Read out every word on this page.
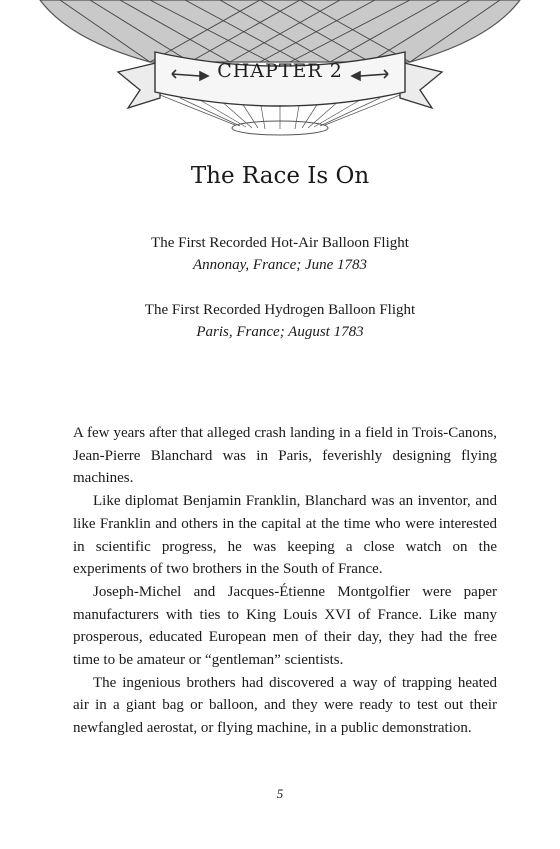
CHAPTER 2
The Race Is On
The First Recorded Hot-Air Balloon Flight
Annonay, France; June 1783
The First Recorded Hydrogen Balloon Flight
Paris, France; August 1783

A few years after that alleged crash landing in a field in Trois-Canons, Jean-Pierre Blanchard was in Paris, feverishly designing flying machines.

Like diplomat Benjamin Franklin, Blanchard was an inventor, and like Franklin and others in the capital at the time who were interested in scientific progress, he was keeping a close watch on the experiments of two brothers in the South of France.

Joseph-Michel and Jacques-Étienne Montgolfier were paper manufacturers with ties to King Louis XVI of France. Like many prosperous, educated European men of their day, they had the free time to be amateur or “gentleman” scientists.

The ingenious brothers had discovered a way of trapping heated air in a giant bag or balloon, and they were ready to test out their newfangled aerostat, or flying machine, in a public demonstration.

5
